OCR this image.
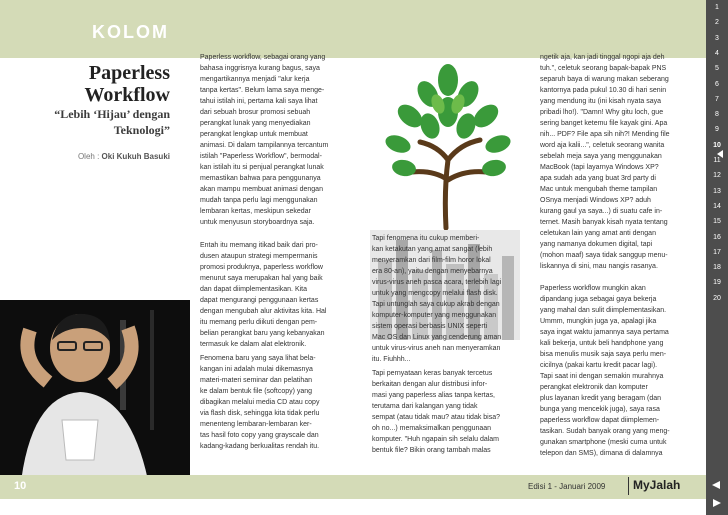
KOLOM
1
2
3
4
5
6
7
8
9
10
11
12
13
14
15
16
17
18
19
20
Paperless
Workflow
“Lebih ‘Hijau’ dengan Teknologi”
Oleh : Oki Kukuh Basuki
Paperless workflow, sebagai orang yang
bahasa inggrisnya kurang bagus, saya
mengartikannya menjadi "alur kerja
tanpa kertas". Belum lama saya menge-
tahui istilah ini, pertama kali saya lihat
dari sebuah brosur promosi sebuah
perangkat lunak yang menyediakan
perangkat lengkap untuk membuat
animasi. Di dalam tampilannya tercantum
istilah "Paperless Workflow", bermodal-
kan istilah itu si penjual perangkat lunak
memastikan bahwa para penggunanya
akan mampu membuat animasi dengan
mudah tanpa perlu lagi menggunakan
lembaran kertas, meskipun sekedar
untuk menyusun storyboardnya saja.
Entah itu memang itikad baik dari pro-
dusen ataupun strategi mempermanis
promosi produknya, paperless workflow
menurut saya merupakan hal yang baik
dan dapat diimplementasikan. Kita
dapat mengurangi penggunaan kertas
dengan mengubah alur aktivitas kita. Hal
itu memang perlu diikuti dengan pem-
belian perangkat baru yang kebanyakan
termasuk ke dalam alat elektronik.
Fenomena baru yang saya lihat bela-
kangan ini adalah mulai dikemasnya
materi-materi seminar dan pelatihan
ke dalam bentuk file (softcopy) yang
dibagikan melalui media CD atau copy
via flash disk, sehingga kita tidak perlu
menenteng lembaran-lembaran ker-
tas hasil foto copy yang grayscale dan
kadang-kadang berkualitas rendah itu.
Tapi fenomena itu cukup memberi-
kan ketakutan yang amat sangat (lebih
menyeramkan dari film-film horor lokal
era 80-an), yaitu dengan menyebarnya
virus-virus aneh pasca acara, terlebih lagi
untuk yang mengcopy melalui flash disk.
Tapi untunglah saya cukup akrab dengan
komputer-komputer yang menggunakan
sistem operasi berbasis UNIX seperti
Mac OS dan Linux yang cenderung aman
untuk virus-virus aneh nan menyeramkan
itu. Fiuhhh...
Tapi pernyataan keras banyak tercetus
berkaitan dengan alur distribusi infor-
masi yang paperless alias tanpa kertas,
terutama dari kalangan yang tidak
sempat (atau tidak mau? atau tidak bisa?
oh no...) memaksimalkan penggunaan
komputer. "Huh ngapain sih selalu dalam
bentuk file? Bikin orang tambah malas
ngetik aja, kan jadi tinggal ngopi aja deh
tuh.", celetuk seorang bapak-bapak PNS
separuh baya di warung makan seberang
kantornya pada pukul 10.30 di hari senin
yang mendung itu (ini kisah nyata saya
pribadi lho!). "Damn! Why gitu loch, gue
sering banget ketemu file kayak gini. Apa
nih... PDF? File apa sih nih?! Mending file
word aja kalii...", celetuk seorang wanita
sebelah meja saya yang menggunakan
MacBook (tapi layarnya Windows XP?
apa sudah ada yang buat 3rd party di
Mac untuk mengubah theme tampilan
OSnya menjadi Windows XP? aduh
kurang gaul ya saya...) di suatu cafe in-
ternet. Masih banyak kisah nyata tentang
celetukan lain yang amat anti dengan
yang namanya dokumen digital, tapi
(mohon maaf) saya tidak sanggup menu-
liskannya di sini, mau nangis rasanya.
Paperless workflow mungkin akan
dipandang juga sebagai gaya bekerja
yang mahal dan sulit diimplementasikan.
Ummm, mungkin juga ya, apalagi jika
saya ingat waktu jamannya saya pertama
kali bekerja, untuk beli handphone yang
bisa menulis musik saja saya perlu men-
cicilnya (pakai kartu kredit pacar lagi).
Tapi saat ini dengan semakin murahnya
perangkat elektronik dan komputer
plus layanan kredit yang beragam (dan
bunga yang mencekik juga), saya rasa
paperless workflow dapat diimplemen-
tasikan. Sudah banyak orang yang meng-
gunakan smartphone (meski cuma untuk
telepon dan SMS), dimana di dalamnya
10	Edisi 1 - Januari 2009 MyJalah
